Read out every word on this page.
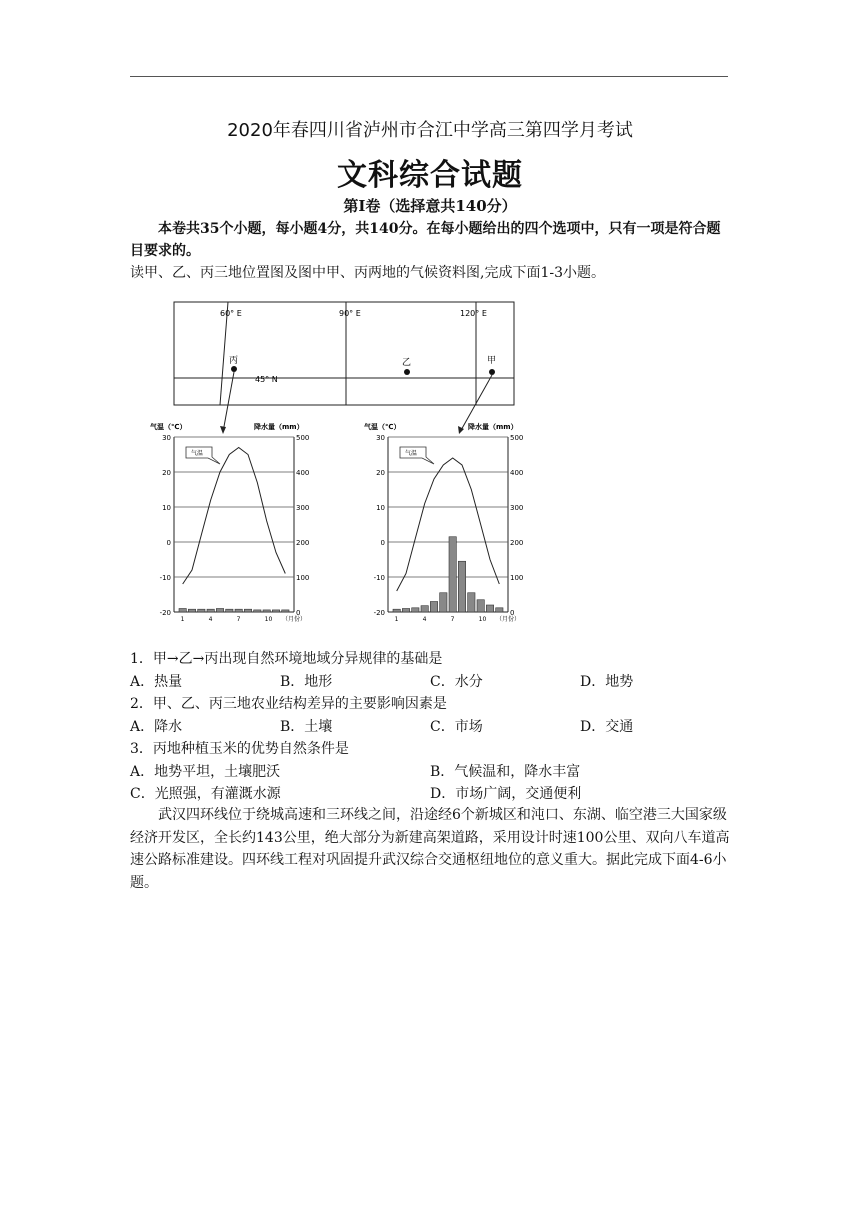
2020年春四川省泸州市合江中学高三第四学月考试
文科综合试题
第Ⅰ卷（选择意共140分）
本卷共35个小题，每小题4分，共140分。在每小题给出的四个选项中，只有一项是符合题目要求的。
读甲、乙、丙三地位置图及图中甲、丙两地的气候资料图,完成下面1-3小题。
60° E	90° E	120° E
45° N
丙	乙	甲
气温（℃）	降水量（mm）
30
20
10
0
-10
-20
500
400
300
200
100
0
1	4	7	10 （月份）
气温
气温（℃）	降水量（mm）
30
20
10
0
-10
-20
500
400
300
200
100
0
1	4	7	10 （月份）
气温
1．甲→乙→丙出现自然环境地域分异规律的基础是
A．热量	B．地形	C．水分	D．地势
2．甲、乙、丙三地农业结构差异的主要影响因素是
A．降水	B．土壤	C．市场	D．交通
3．丙地种植玉米的优势自然条件是
A．地势平坦，土壤肥沃	B．气候温和，降水丰富
C．光照强，有灌溉水源	D．市场广阔，交通便利
武汉四环线位于绕城高速和三环线之间，沿途经6个新城区和沌口、东湖、临空港三大国家级经济开发区，全长约143公里，绝大部分为新建高架道路，采用设计时速100公里、双向八车道高速公路标准建设。四环线工程对巩固提升武汉综合交通枢纽地位的意义重大。据此完成下面4-6小题。
